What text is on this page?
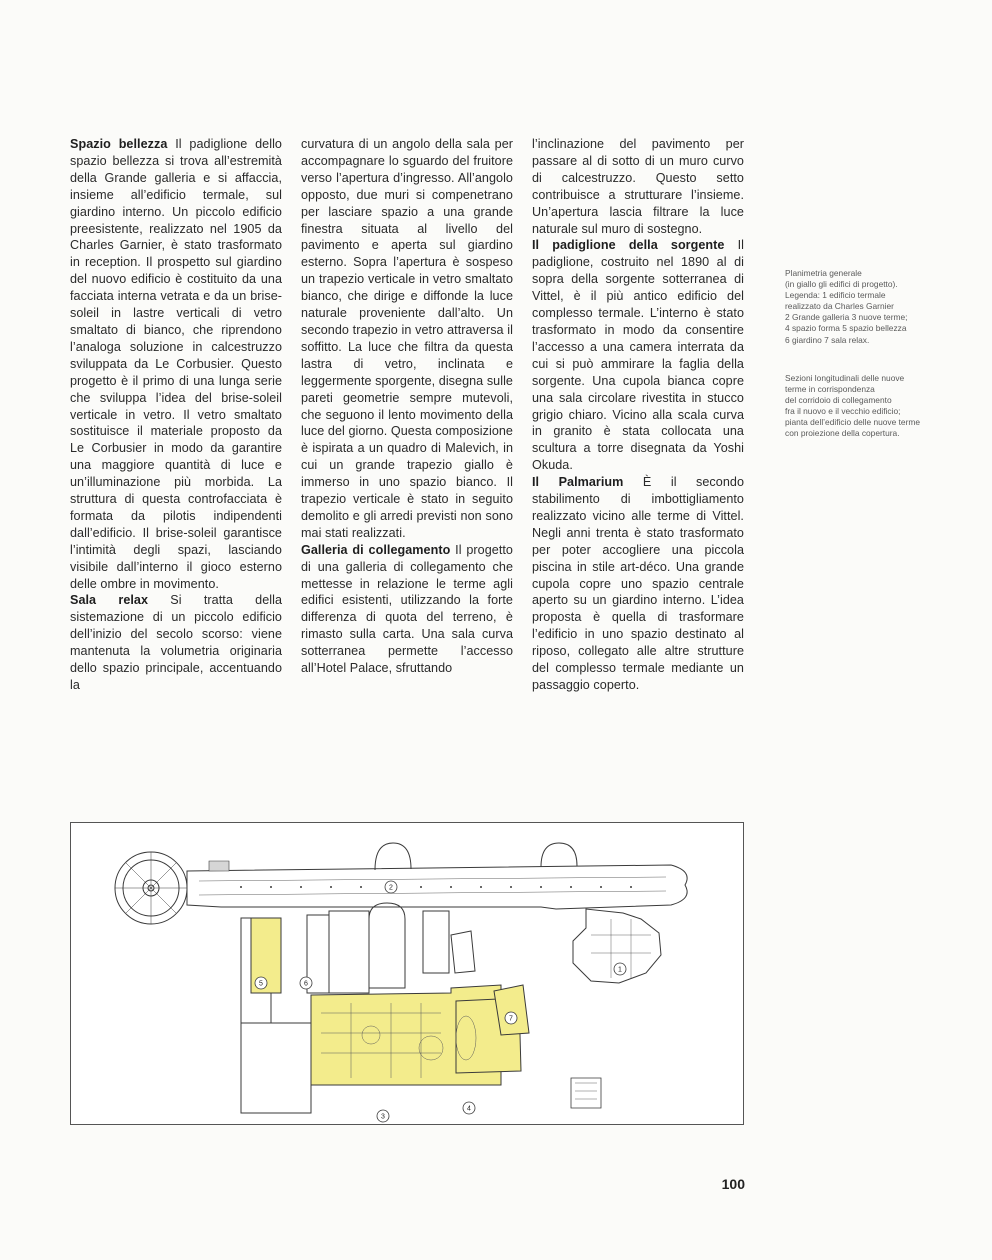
Spazio bellezza Il padiglione dello spazio bellezza si trova all’estremità della Grande galleria e si affaccia, insieme all’edificio termale, sul giardino interno. Un piccolo edificio preesistente, realizzato nel 1905 da Charles Garnier, è stato trasformato in reception. Il prospetto sul giardino del nuovo edificio è costituito da una facciata interna vetrata e da un brise-soleil in lastre verticali di vetro smaltato di bianco, che riprendono l’analoga soluzione in calcestruzzo sviluppata da Le Corbusier. Questo progetto è il primo di una lunga serie che sviluppa l’idea del brise-soleil verticale in vetro. Il vetro smaltato sostituisce il materiale proposto da Le Corbusier in modo da garantire una maggiore quantità di luce e un’illuminazione più morbida. La struttura di questa controfacciata è formata da pilotis indipendenti dall’edificio. Il brise-soleil garantisce l’intimità degli spazi, lasciando visibile dall’interno il gioco esterno delle ombre in movimento.

Sala relax Si tratta della sistemazione di un piccolo edificio dell’inizio del secolo scorso: viene mantenuta la volumetria originaria dello spazio principale, accentuando la

curvatura di un angolo della sala per accompagnare lo sguardo del fruitore verso l’apertura d’ingresso. All’angolo opposto, due muri si compenetrano per lasciare spazio a una grande finestra situata al livello del pavimento e aperta sul giardino esterno. Sopra l’apertura è sospeso un trapezio verticale in vetro smaltato bianco, che dirige e diffonde la luce naturale proveniente dall’alto. Un secondo trapezio in vetro attraversa il soffitto. La luce che filtra da questa lastra di vetro, inclinata e leggermente sporgente, disegna sulle pareti geometrie sempre mutevoli, che seguono il lento movimento della luce del giorno. Questa composizione è ispirata a un quadro di Malevich, in cui un grande trapezio giallo è immerso in uno spazio bianco. Il trapezio verticale è stato in seguito demolito e gli arredi previsti non sono mai stati realizzati.

Galleria di collegamento Il progetto di una galleria di collegamento che mettesse in relazione le terme agli edifici esistenti, utilizzando la forte differenza di quota del terreno, è rimasto sulla carta. Una sala curva sotterranea permette l’accesso all’Hotel Palace, sfruttando

l’inclinazione del pavimento per passare al di sotto di un muro curvo di calcestruzzo. Questo setto contribuisce a strutturare l’insieme. Un’apertura lascia filtrare la luce naturale sul muro di sostegno.

Il padiglione della sorgente Il padiglione, costruito nel 1890 al di sopra della sorgente sotterranea di Vittel, è il più antico edificio del complesso termale. L’interno è stato trasformato in modo da consentire l’accesso a una camera interrata da cui si può ammirare la faglia della sorgente. Una cupola bianca copre una sala circolare rivestita in stucco grigio chiaro. Vicino alla scala curva in granito è stata collocata una scultura a torre disegnata da Yoshi Okuda.

Il Palmarium È il secondo stabilimento di imbottigliamento realizzato vicino alle terme di Vittel. Negli anni trenta è stato trasformato per poter accogliere una piccola piscina in stile art-déco. Una grande cupola copre uno spazio centrale aperto su un giardino interno. L’idea proposta è quella di trasformare l’edificio in uno spazio destinato al riposo, collegato alle altre strutture del complesso termale mediante un passaggio coperto.

Planimetria generale
(in giallo gli edifici di progetto).
Legenda: 1 edificio termale
realizzato da Charles Garnier
2 Grande galleria 3 nuove terme;
4 spazio forma 5 spazio bellezza
6 giardino 7 sala relax.

Sezioni longitudinali delle nuove
terme in corrispondenza
del corridoio di collegamento
fra il nuovo e il vecchio edificio;
pianta dell’edificio delle nuove terme
con proiezione della copertura.

1
2
3
4
5	6
7
100
